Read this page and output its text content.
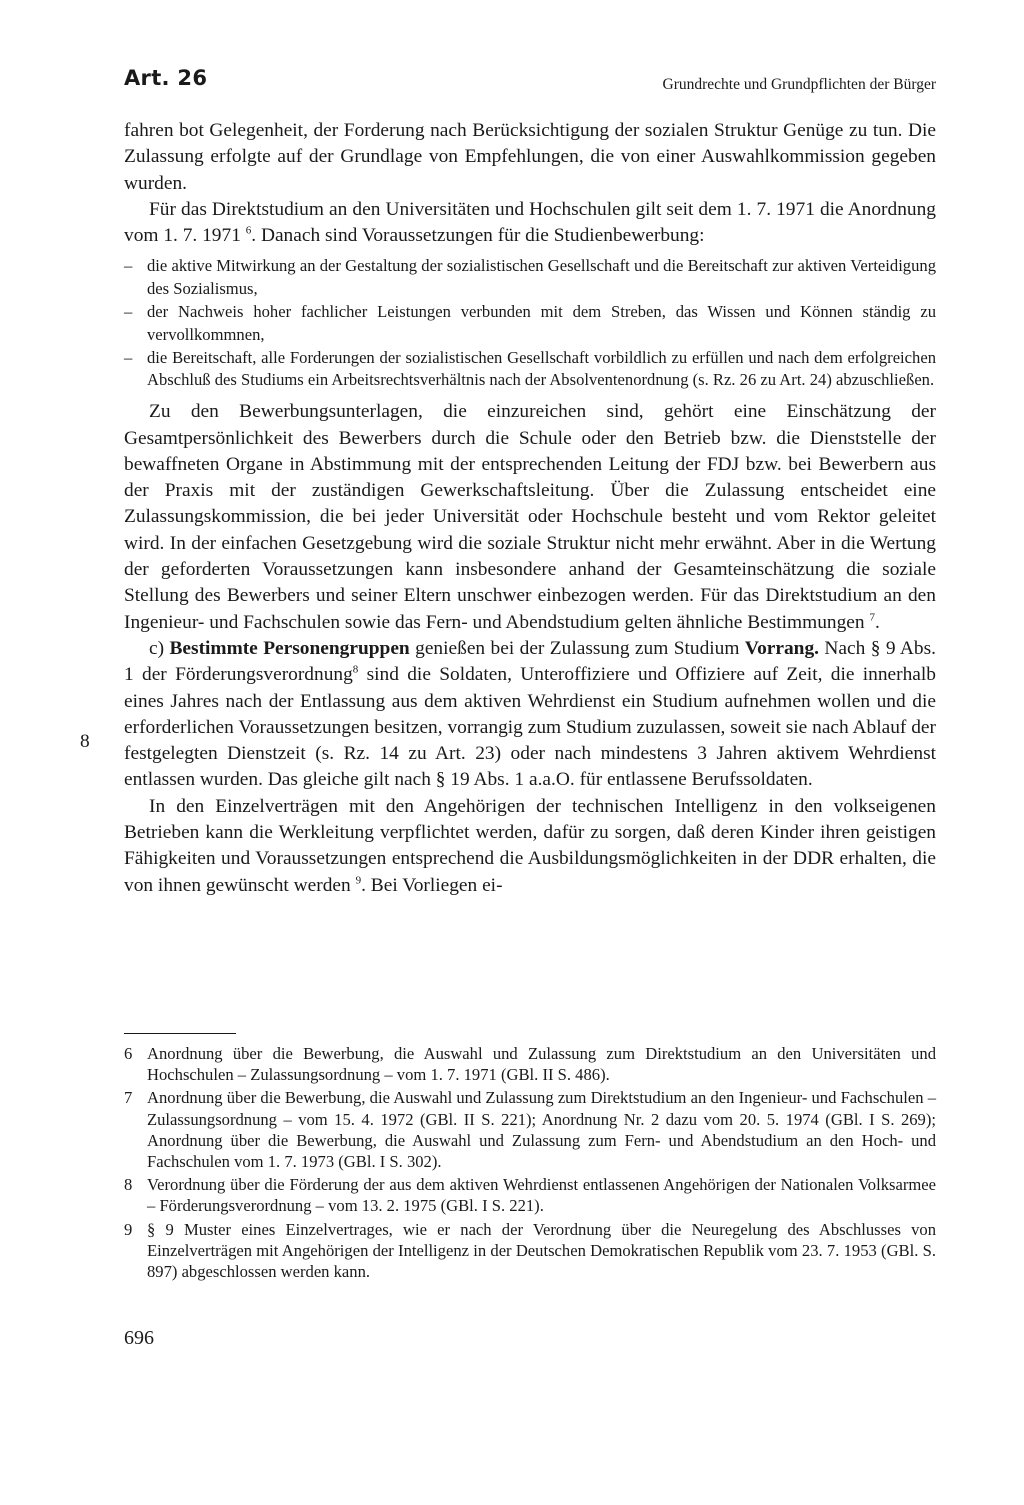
Art. 26	Grundrechte und Grundpflichten der Bürger

fahren bot Gelegenheit, der Forderung nach Berücksichtigung der sozialen Struktur Genüge zu tun. Die Zulassung erfolgte auf der Grundlage von Empfehlungen, die von einer Auswahlkommission gegeben wurden.

Für das Direktstudium an den Universitäten und Hochschulen gilt seit dem 1. 7. 1971 die Anordnung vom 1. 7. 1971 $^6$. Danach sind Voraussetzungen für die Studienbewerbung:

– die aktive Mitwirkung an der Gestaltung der sozialistischen Gesellschaft und die Bereitschaft zur aktiven Verteidigung des Sozialismus,
– der Nachweis hoher fachlicher Leistungen verbunden mit dem Streben, das Wissen und Können ständig zu vervollkommnen,
– die Bereitschaft, alle Forderungen der sozialistischen Gesellschaft vorbildlich zu erfüllen und nach dem erfolgreichen Abschluß des Studiums ein Arbeitsrechtsverhältnis nach der Absolventenordnung (s. Rz. 26 zu Art. 24) abzuschließen.

Zu den Bewerbungsunterlagen, die einzureichen sind, gehört eine Einschätzung der Gesamtpersönlichkeit des Bewerbers durch die Schule oder den Betrieb bzw. die Dienststelle der bewaffneten Organe in Abstimmung mit der entsprechenden Leitung der FDJ bzw. bei Bewerbern aus der Praxis mit der zuständigen Gewerkschaftsleitung. Über die Zulassung entscheidet eine Zulassungskommission, die bei jeder Universität oder Hochschule besteht und vom Rektor geleitet wird. In der einfachen Gesetzgebung wird die soziale Struktur nicht mehr erwähnt. Aber in die Wertung der geforderten Voraussetzungen kann insbesondere anhand der Gesamteinschätzung die soziale Stellung des Bewerbers und seiner Eltern unschwer einbezogen werden. Für das Direktstudium an den Ingenieur- und Fachschulen sowie das Fern- und Abendstudium gelten ähnliche Bestimmungen $^7$.

c) Bestimmte Personengruppen genießen bei der Zulassung zum Studium Vorrang. Nach § 9 Abs. 1 der Förderungsverordnung$^8$ sind die Soldaten, Unteroffiziere und Offiziere auf Zeit, die innerhalb eines Jahres nach der Entlassung aus dem aktiven Wehrdienst ein Studium aufnehmen wollen und die erforderlichen Voraussetzungen besitzen, vorrangig zum Studium zuzulassen, soweit sie nach Ablauf der festgelegten Dienstzeit (s. Rz. 14 zu Art. 23) oder nach mindestens 3 Jahren aktivem Wehrdienst entlassen wurden. Das gleiche gilt nach § 19 Abs. 1 a.a.O. für entlassene Berufssoldaten.

In den Einzelverträgen mit den Angehörigen der technischen Intelligenz in den volkseigenen Betrieben kann die Werkleitung verpflichtet werden, dafür zu sorgen, daß deren Kinder ihren geistigen Fähigkeiten und Voraussetzungen entsprechend die Ausbildungsmöglichkeiten in der DDR erhalten, die von ihnen gewünscht werden $^9$. Bei Vorliegen ei-

8

6 Anordnung über die Bewerbung, die Auswahl und Zulassung zum Direktstudium an den Universitäten und Hochschulen – Zulassungsordnung – vom 1. 7. 1971 (GBl. II S. 486).

7 Anordnung über die Bewerbung, die Auswahl und Zulassung zum Direktstudium an den Ingenieur- und Fachschulen – Zulassungsordnung – vom 15. 4. 1972 (GBl. II S. 221); Anordnung Nr. 2 dazu vom 20. 5. 1974 (GBl. I S. 269); Anordnung über die Bewerbung, die Auswahl und Zulassung zum Fern- und Abendstudium an den Hoch- und Fachschulen vom 1. 7. 1973 (GBl. I S. 302).

8 Verordnung über die Förderung der aus dem aktiven Wehrdienst entlassenen Angehörigen der Nationalen Volksarmee – Förderungsverordnung – vom 13. 2. 1975 (GBl. I S. 221).

9 § 9 Muster eines Einzelvertrages, wie er nach der Verordnung über die Neuregelung des Abschlusses von Einzelverträgen mit Angehörigen der Intelligenz in der Deutschen Demokratischen Republik vom 23. 7. 1953 (GBl. S. 897) abgeschlossen werden kann.

696
